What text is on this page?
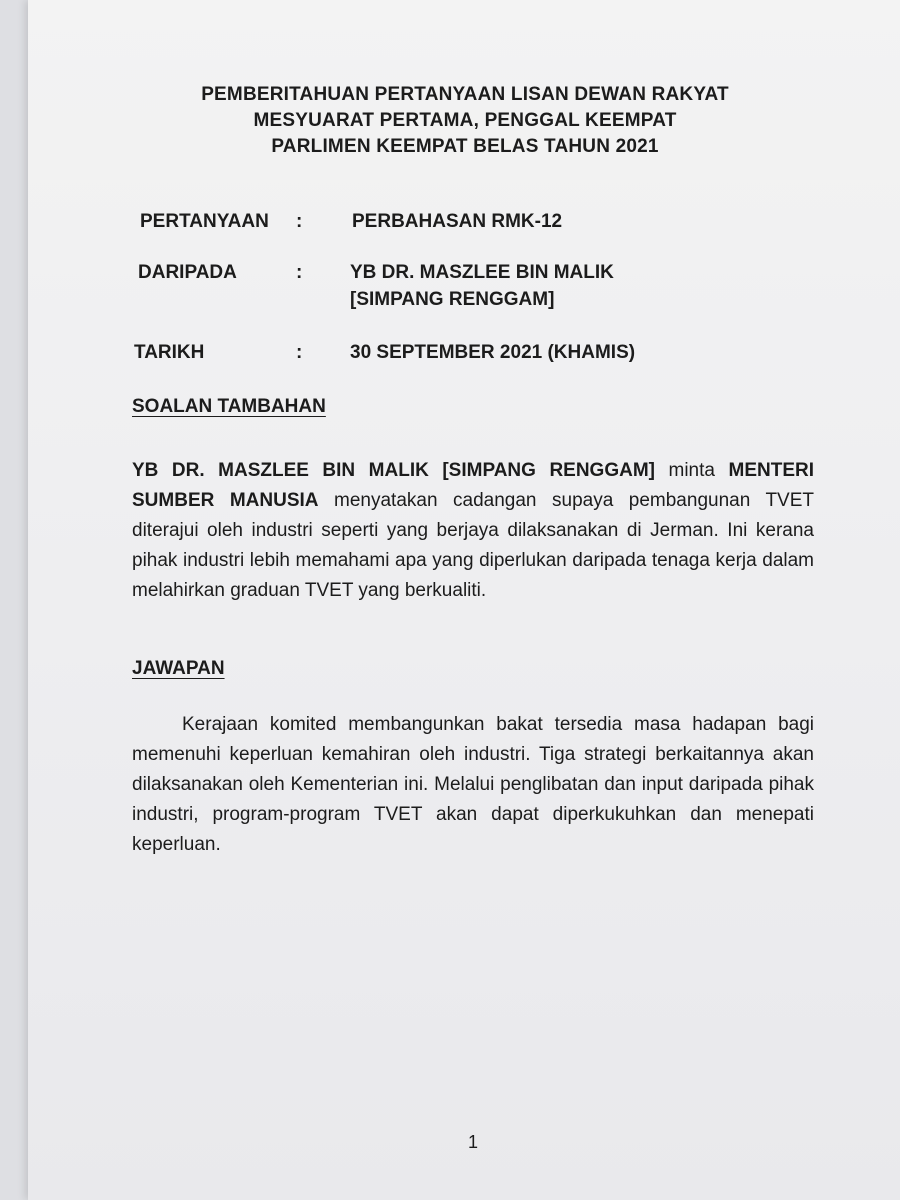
PEMBERITAHUAN PERTANYAAN LISAN DEWAN RAKYAT
MESYUARAT PERTAMA, PENGGAL KEEMPAT
PARLIMEN KEEMPAT BELAS TAHUN 2021
PERTANYAAN :	PERBAHASAN RMK-12
DARIPADA	:	YB DR. MASZLEE BIN MALIK
[SIMPANG RENGGAM]
TARIKH	:	30 SEPTEMBER 2021 (KHAMIS)
SOALAN TAMBAHAN
YB DR. MASZLEE BIN MALIK [SIMPANG RENGGAM] minta MENTERI SUMBER MANUSIA menyatakan cadangan supaya pembangunan TVET diterajui oleh industri seperti yang berjaya dilaksanakan di Jerman. Ini kerana pihak industri lebih memahami apa yang diperlukan daripada tenaga kerja dalam melahirkan graduan TVET yang berkualiti.
JAWAPAN
Kerajaan komited membangunkan bakat tersedia masa hadapan bagi memenuhi keperluan kemahiran oleh industri. Tiga strategi berkaitannya akan dilaksanakan oleh Kementerian ini. Melalui penglibatan dan input daripada pihak industri, program-program TVET akan dapat diperkukuhkan dan menepati keperluan.
1
